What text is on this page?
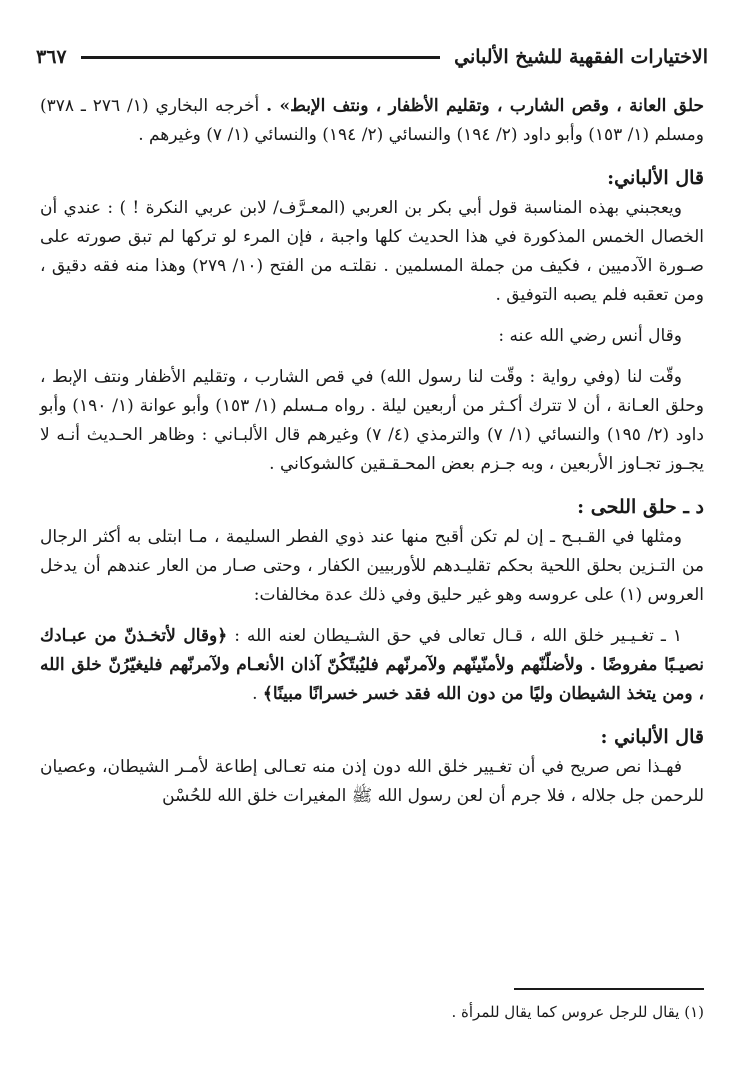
الاختيارات الفقهية للشيخ الألباني
٣٦٧

حلق العانة ، وقص الشارب ، وتقليم الأظفار ، ونتف الإبط» . أخرجه البخاري (١/ ٢٧٦ ـ ٣٧٨) ومسلم (١/ ١٥٣) وأبو داود (٢/ ١٩٤) والنسائي (٢/ ١٩٤) والنسائي (١/ ٧) وغيرهم .

قال الألباني:

ويعجبني بهذه المناسبة قول أبي بكر بن العربي (المعـرَّف/ لابن عربي النكرة ! ) : عندي أن الخصال الخمس المذكورة في هذا الحديث كلها واجبة ، فإن المرء لو تركها لم تبق صورته على صـورة الآدميين ، فكيف من جملة المسلمين . نقلتـه من الفتح (١٠/ ٢٧٩) وهذا منه فقه دقيق ، ومن تعقبه فلم يصبه التوفيق .

وقال أنس رضي الله عنه :

وقّت لنا (وفي رواية : وقّت لنا رسول الله) في قص الشارب ، وتقليم الأظفار ونتف الإبط ، وحلق العـانة ، أن لا تترك أكـثر من أربعين ليلة . رواه مـسلم (١/ ١٥٣) وأبو عوانة (١/ ١٩٠) وأبو داود (٢/ ١٩٥) والنسائي (١/ ٧) والترمذي (٤/ ٧) وغيرهم قال الألبـاني : وظاهر الحـديث أنـه لا يجـوز تجـاوز الأربعين ، وبه جـزم بعض المحـقـقين كالشوكاني .

د ـ حلق اللحى :

ومثلها في القـبـح ـ إن لم تكن أقبح منها عند ذوي الفطر السليمة ، مـا ابتلى به أكثر الرجال من التـزين بحلق اللحية بحكم تقليـدهم للأوربيين الكفار ، وحتى صـار من العار عندهم أن يدخل العروس (١) على عروسه وهو غير حليق وفي ذلك عدة مخالفات:

١ ـ تغـيـير خلق الله ، قـال تعالى في حق الشـيطان لعنه الله : ﴿وقال لأتخـذنّ من عبـادك نصيـبًا مفروضًا . ولأضلّنّهم ولأمنّينّهم ولآمرنّهم فليُبتّكُنّ آذان الأنعـام ولآمرنّهم فليغيّرُنّ خلق الله ، ومن يتخذ الشيطان وليًا من دون الله فقد خسر خسرانًا مبينًا﴾ .

قال الألباني :

فهـذا نص صريح في أن تغـيير خلق الله دون إذن منه تعـالى إطاعة لأمـر الشيطان، وعصيان للرحمن جل جلاله ، فلا جرم أن لعن رسول الله ﷺ المغيرات خلق الله للحُسْن

(١) يقال للرجل عروس كما يقال للمرأة .
